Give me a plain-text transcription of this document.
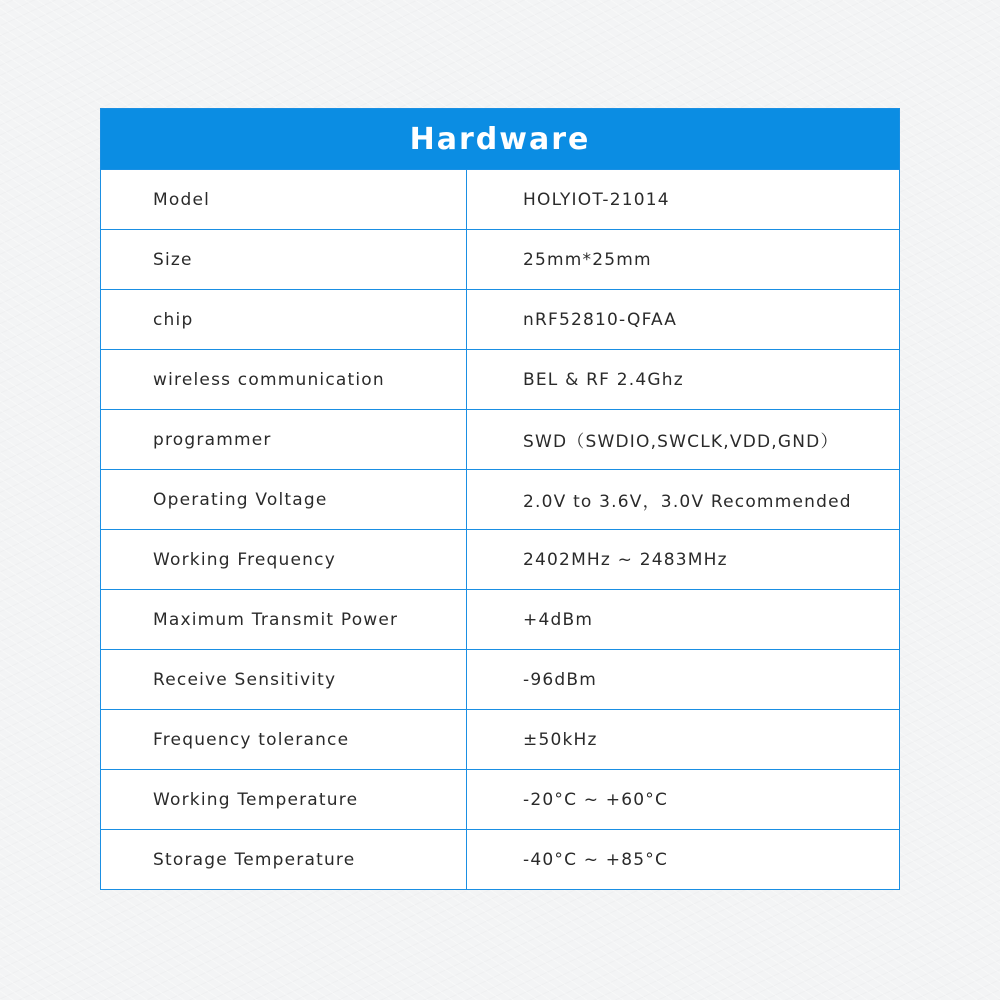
Hardware
Model	HOLYIOT-21014
Size	25mm*25mm
chip	nRF52810-QFAA
wireless communication	BEL & RF 2.4Ghz
programmer	SWD（SWDIO,SWCLK,VDD,GND）
Operating Voltage	2.0V to 3.6V，3.0V Recommended
Working Frequency	2402MHz ~ 2483MHz
Maximum Transmit Power	+4dBm
Receive Sensitivity	-96dBm
Frequency tolerance	±50kHz
Working Temperature	-20°C ~ +60°C
Storage Temperature	-40°C ~ +85°C
